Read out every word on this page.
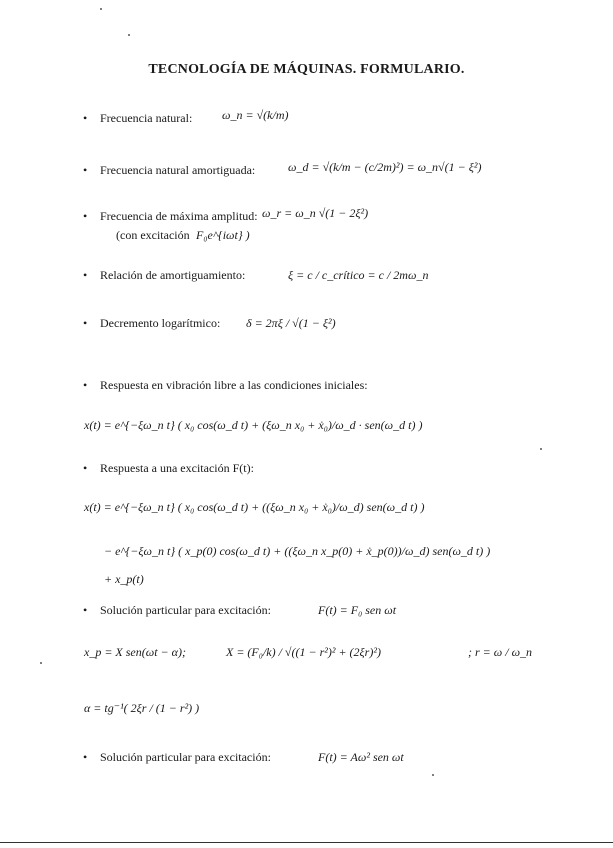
TECNOLOGÍA DE MÁQUINAS. FORMULARIO.
• Frecuencia natural: ω_n = √(k/m)
• Frecuencia natural amortiguada:	ω_d = √(k/m − (c/2m)²) = ω_n√(1 − ξ²)
• Frecuencia de máxima amplitud: ω_r = ω_n √(1 − 2ξ²)
(con excitación F₀e^{iωt} )
• Relación de amortiguamiento:	ξ = c / c_crítico = c / 2mω_n
• Decremento logarítmico: δ = 2πξ / √(1 − ξ²)
• Respuesta en vibración libre a las condiciones iniciales:
x(t) = e^{−ξω_n t} ( x₀ cos(ω_d t) + (ξω_n x₀ + ẋ₀)/ω_d · sen(ω_d t) )
• Respuesta a una excitación F(t):
x(t) = e^{−ξω_n t} ( x₀ cos(ω_d t) + ((ξω_n x₀ + ẋ₀)/ω_d) sen(ω_d t) )
− e^{−ξω_n t} ( x_p(0) cos(ω_d t) + ((ξω_n x_p(0) + ẋ_p(0))/ω_d) sen(ω_d t) )
+ x_p(t)
• Solución particular para excitación:	F(t) = F₀ sen ωt
x_p = X sen(ωt − α);	X = (F₀/k) / √((1 − r²)² + (2ξr)²)	; r = ω / ω_n
α = tg⁻¹( 2ξr / (1 − r²) )
• Solución particular para excitación:	F(t) = Aω² sen ωt
